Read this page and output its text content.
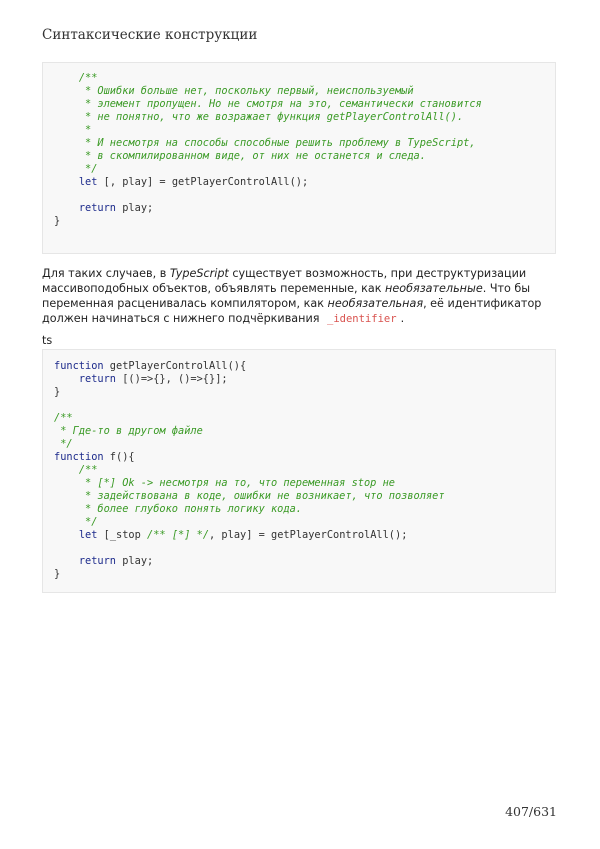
Синтаксические конструкции
/**
* Ошибки больше нет, поскольку первый, неиспользуемый
* элемент пропущен. Но не смотря на это, семантически становится
* не понятно, что же возражает функция getPlayerControlAll().
*
* И несмотря на способы способные решить проблему в TypeScript,
* в скомпилированном виде, от них не останется и следа.
*/
let [, play] = getPlayerControlAll();
return play;
}

Для таких случаев, в TypeScript существует возможность, при деструктуризации

массивоподобных объектов, объявлять переменные, как необязательные. Что бы

переменная расценивалась компилятором, как необязательная, её идентификатор

должен начинаться с нижнего подчёркивания _identifier .

ts
function getPlayerControlAll(){
return [()=>{}, ()=>{}];
}
/**
* Где-то в другом файле
*/
function f(){
/**
* [*] Ok -> несмотря на то, что переменная stop не
* задействована в коде, ошибки не возникает, что позволяет
* более глубоко понять логику кода.
*/
let [_stop /** [*] */, play] = getPlayerControlAll();
return play;
}
407/631
